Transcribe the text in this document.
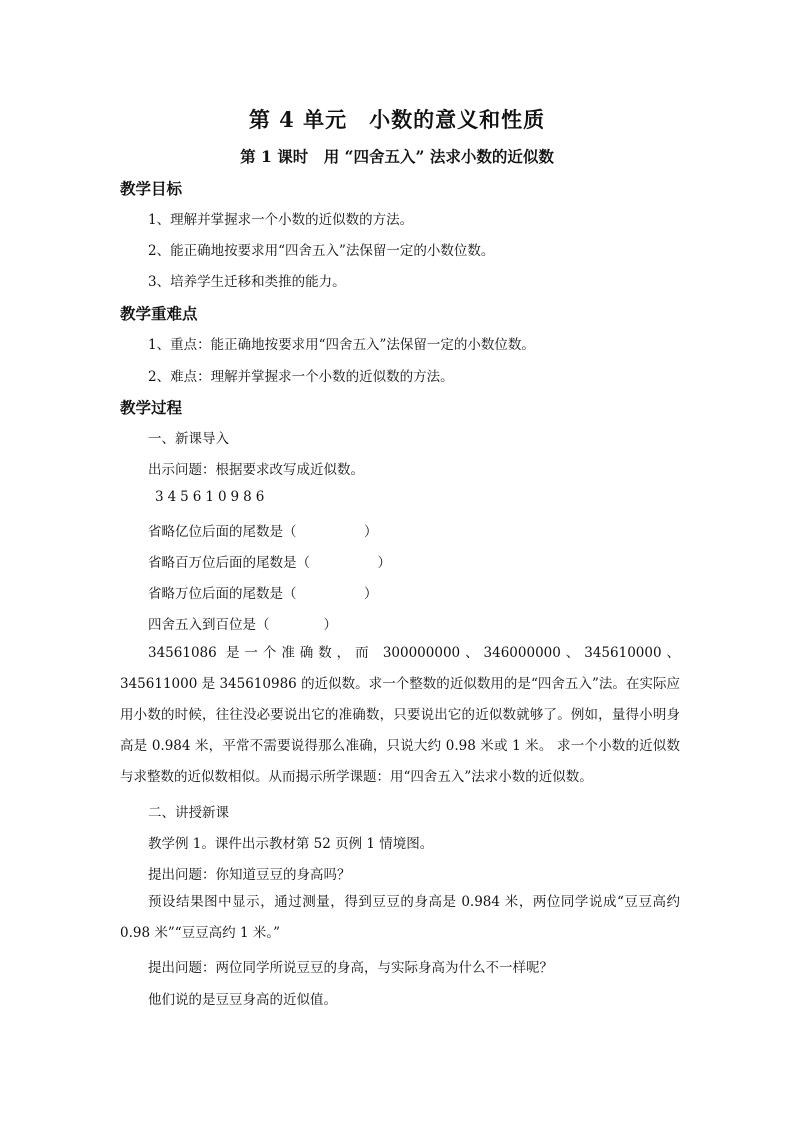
第 4 单元　小数的意义和性质
第 1 课时　用 “四舍五入” 法求小数的近似数
教学目标
1、理解并掌握求一个小数的近似数的方法。
2、能正确地按要求用“四舍五入”法保留一定的小数位数。
3、培养学生迁移和类推的能力。
教学重难点
1、重点：能正确地按要求用“四舍五入”法保留一定的小数位数。
2、难点：理解并掌握求一个小数的近似数的方法。
教学过程
一、新课导入
出示问题：根据要求改写成近似数。
345610986
省略亿位后面的尾数是（　　　　　）
省略百万位后面的尾数是（　　　　　）
省略万位后面的尾数是（　　　　　）
四舍五入到百位是（　　　　）
34561086 是一个准确数，而 300000000、346000000、345610000、345611000 是 345610986 的近似数。求一个整数的近似数用的是“四舍五入”法。在实际应用小数的时候，往往没必要说出它的准确数，只要说出它的近似数就够了。例如，量得小明身高是 0.984 米，平常不需要说得那么准确，只说大约 0.98 米或 1 米。 求一个小数的近似数与求整数的近似数相似。从而揭示所学课题：用“四舍五入”法求小数的近似数。
二、讲授新课
教学例 1。课件出示教材第 52 页例 1 情境图。
提出问题：你知道豆豆的身高吗？
预设结果图中显示，通过测量，得到豆豆的身高是 0.984 米，两位同学说成“豆豆高约 0.98 米”“豆豆高约 1 米。”
提出问题：两位同学所说豆豆的身高，与实际身高为什么不一样呢？
他们说的是豆豆身高的近似值。
